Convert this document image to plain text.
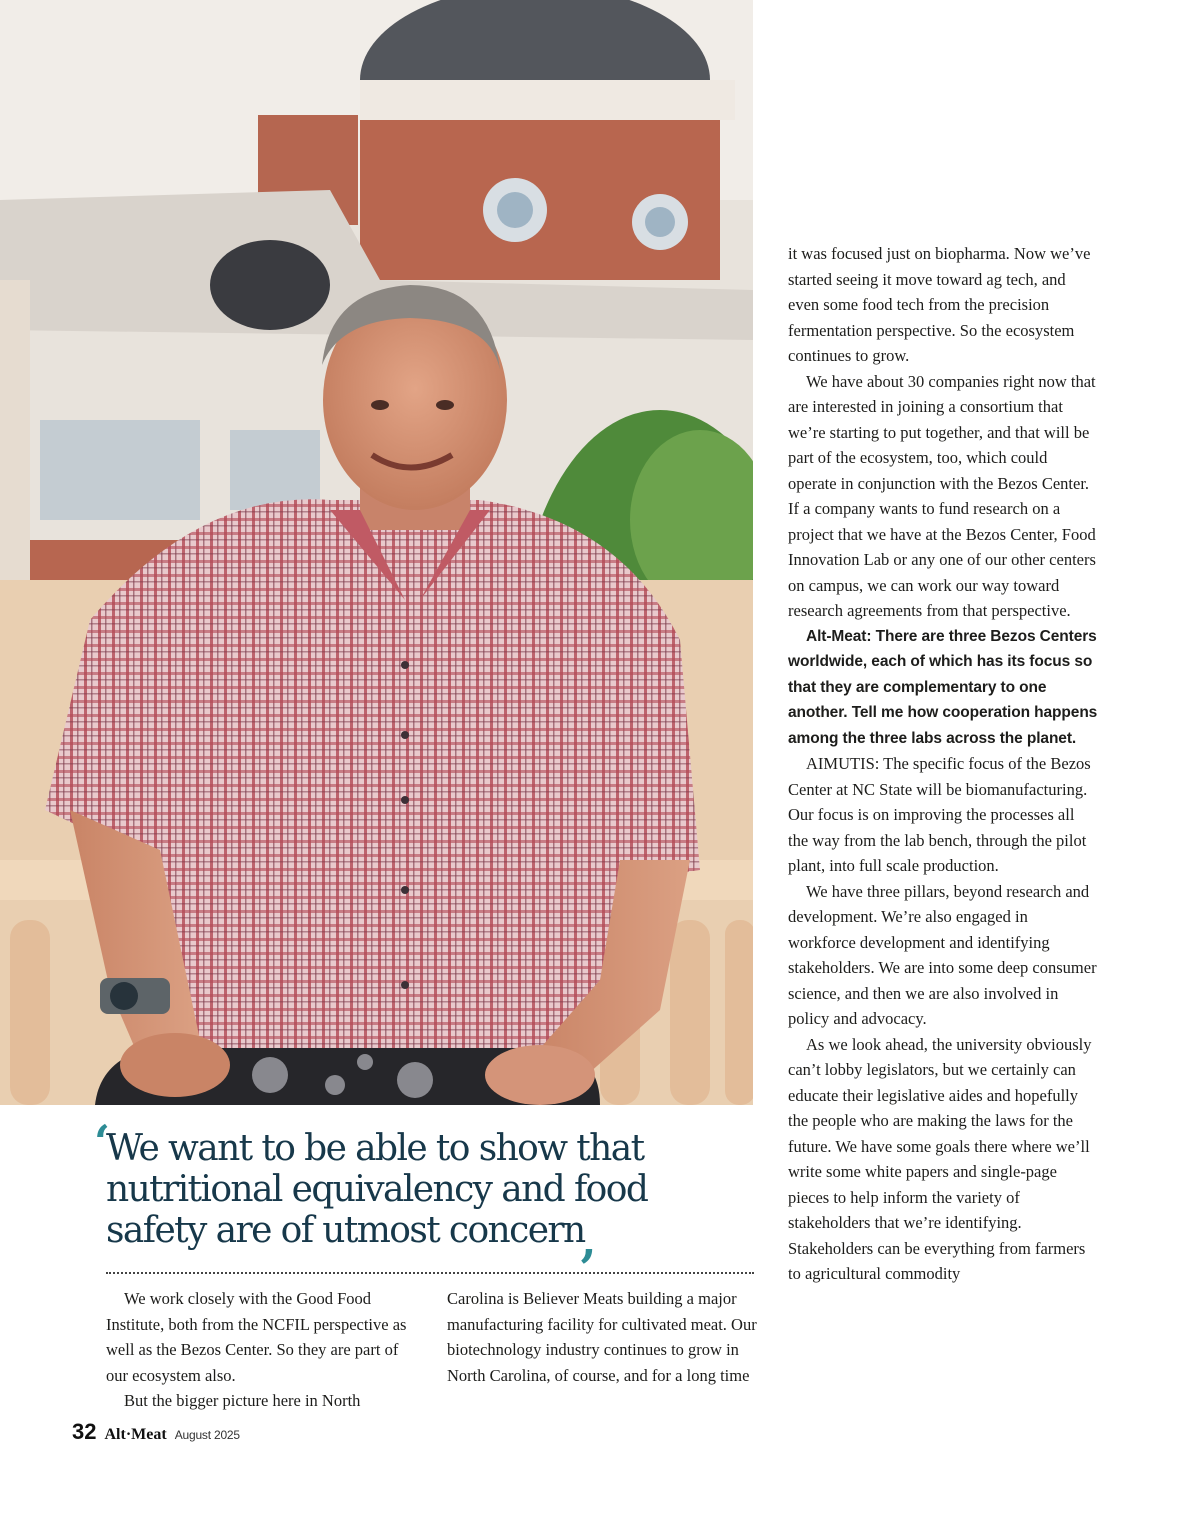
‘
We want to be able to show that nutritional equivalency and food safety are of utmost concern,

We work closely with the Good Food Institute, both from the NCFIL perspective as well as the Bezos Center. So they are part of our ecosystem also.

But the bigger picture here in North

Carolina is Believer Meats building a major manufacturing facility for cultivated meat. Our biotechnology industry continues to grow in North Carolina, of course, and for a long time

it was focused just on biopharma. Now we’ve started seeing it move toward ag tech, and even some food tech from the precision fermentation perspective. So the ecosystem continues to grow.

We have about 30 companies right now that are interested in joining a consortium that we’re starting to put together, and that will be part of the ecosystem, too, which could operate in conjunction with the Bezos Center. If a company wants to fund research on a project that we have at the Bezos Center, Food Innovation Lab or any one of our other centers on campus, we can work our way toward research agreements from that perspective.

Alt-Meat: There are three Bezos Centers worldwide, each of which has its focus so that they are complementary to one another. Tell me how cooperation happens among the three labs across the planet.

AIMUTIS: The specific focus of the Bezos Center at NC State will be biomanufacturing. Our focus is on improving the processes all the way from the lab bench, through the pilot plant, into full scale production.

We have three pillars, beyond research and development. We’re also engaged in workforce development and identifying stakeholders. We are into some deep consumer science, and then we are also involved in policy and advocacy.

As we look ahead, the university obviously can’t lobby legislators, but we certainly can educate their legislative aides and hopefully the people who are making the laws for the future. We have some goals there where we’ll write some white papers and single-page pieces to help inform the variety of stakeholders that we’re identifying. Stakeholders can be everything from farmers to agricultural commodity

32 Alt·Meat August 2025
